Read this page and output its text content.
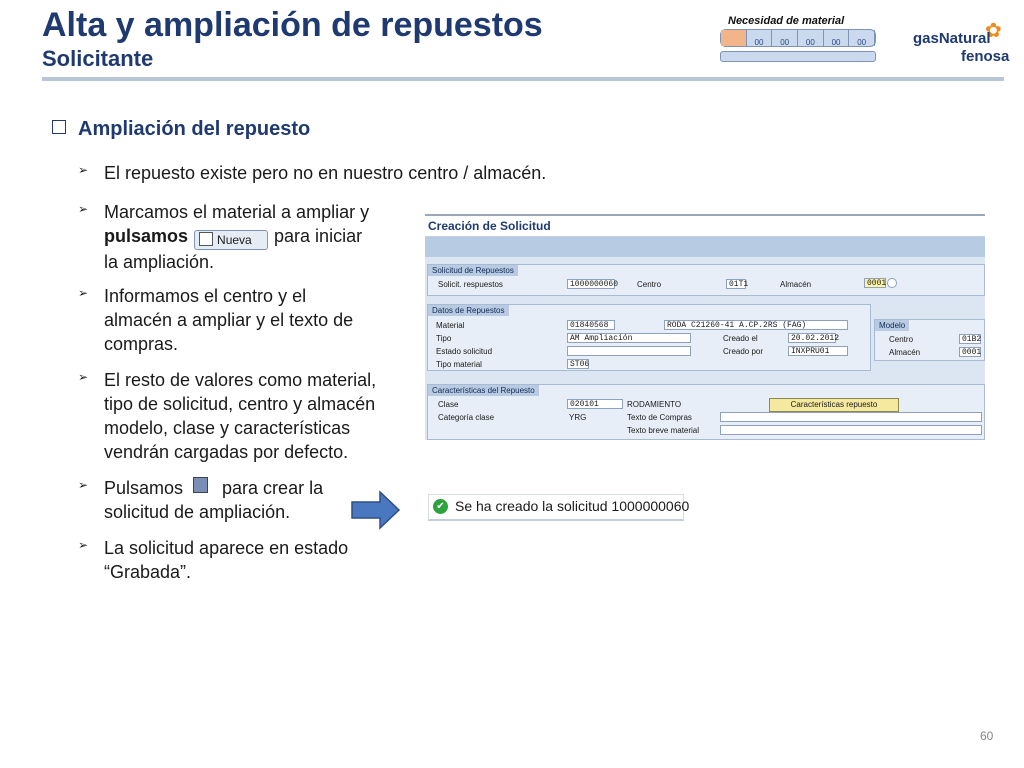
Alta y ampliación de repuestos
Solicitante
Necesidad de material
00	00	00	00	00
✿
gasNatural
fenosa
Ampliación del repuesto
➢ El repuesto existe pero no en nuestro centro / almacén.
➢ Marcamos el material a ampliar y
pulsamos Nueva para iniciar
la ampliación.
➢ Informamos el centro y el
almacén a ampliar y el texto de
compras.
➢ El resto de valores como material,
tipo de solicitud, centro y almacén
modelo, clase y características
vendrán cargadas por defecto.
➢ Pulsamos para crear la
solicitud de ampliación.
➢ La solicitud aparece en estado
“Grabada”.
Creación de Solicitud
Solicitud de Repuestos
Solicit. respuestos	1000000060 Centro	01T1	Almacén	0001
Datos de Repuestos
Material	01840568	RODA C21260-41 A.CP.2RS (FAG)
Tipo	AM Ampliación
Estado solicitud
Tipo material	ST06
Creado el	20.02.2012
Creado por	INXPRU01
Modelo
Centro	01B2
Almacén	0001
Características del Repuesto
Clase	020101	RODAMIENTO	Características repuesto
Categoría clase	YRG	Texto de Compras
Texto breve material
✔ Se ha creado la solicitud 1000000060
60
